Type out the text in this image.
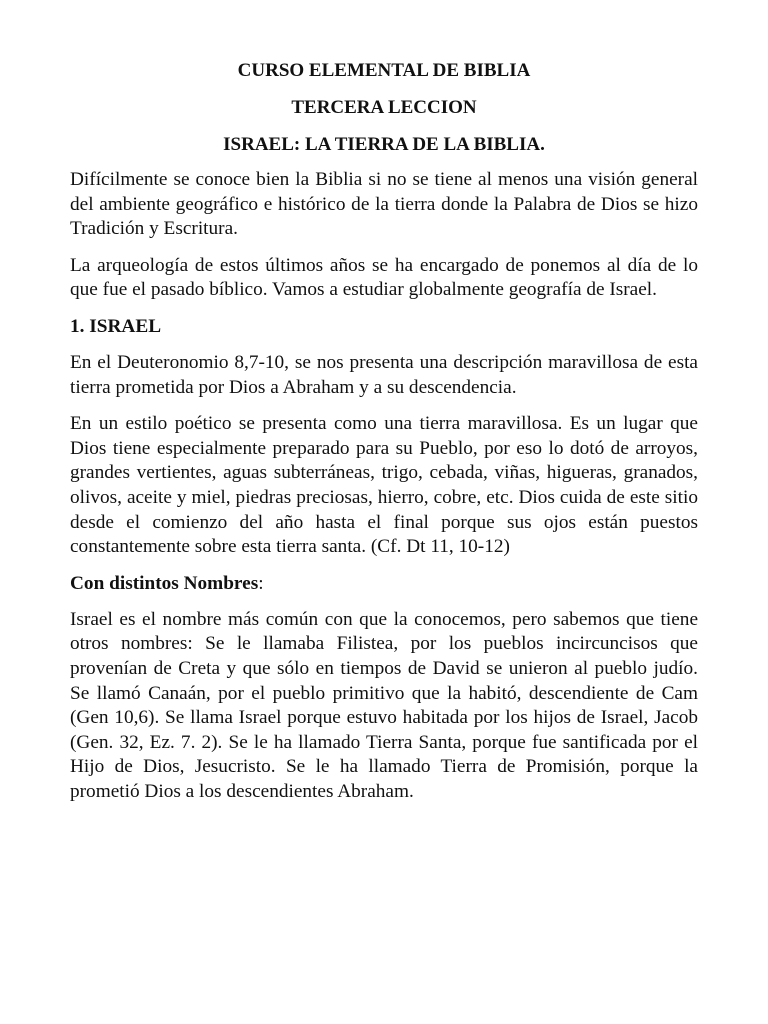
CURSO ELEMENTAL DE BIBLIA
TERCERA LECCION
ISRAEL: LA TIERRA DE LA BIBLIA.

Difícilmente se conoce bien la Biblia si no se tiene al menos una visión general del ambiente geográfico e histórico de la tierra donde la Palabra de Dios se hizo Tradición y Escritura.

La arqueología de estos últimos años se ha encargado de ponemos al día de lo que fue el pasado bíblico. Vamos a estudiar globalmente geografía de Israel.

1. ISRAEL

En el Deuteronomio 8,7-10, se nos presenta una descripción maravillosa de esta tierra prometida por Dios a Abraham y a su descendencia.

En un estilo poético se presenta como una tierra maravillosa. Es un lugar que Dios tiene especialmente preparado para su Pueblo, por eso lo dotó de arroyos, grandes vertientes, aguas subterráneas, trigo, cebada, viñas, higueras, granados, olivos, aceite y miel, piedras preciosas, hierro, cobre, etc. Dios cuida de este sitio desde el comienzo del año hasta el final porque sus ojos están puestos constantemente sobre esta tierra santa. (Cf. Dt 11, 10-12)

Con distintos Nombres:

Israel es el nombre más común con que la conocemos, pero sabemos que tiene otros nombres: Se le llamaba Filistea, por los pueblos incircuncisos que provenían de Creta y que sólo en tiempos de David se unieron al pueblo judío. Se llamó Canaán, por el pueblo primitivo que la habitó, descendiente de Cam (Gen 10,6). Se llama Israel porque estuvo habitada por los hijos de Israel, Jacob (Gen. 32, Ez. 7. 2). Se le ha llamado Tierra Santa, porque fue santificada por el Hijo de Dios, Jesucristo. Se le ha llamado Tierra de Promisión, porque la prometió Dios a los descendientes Abraham.
